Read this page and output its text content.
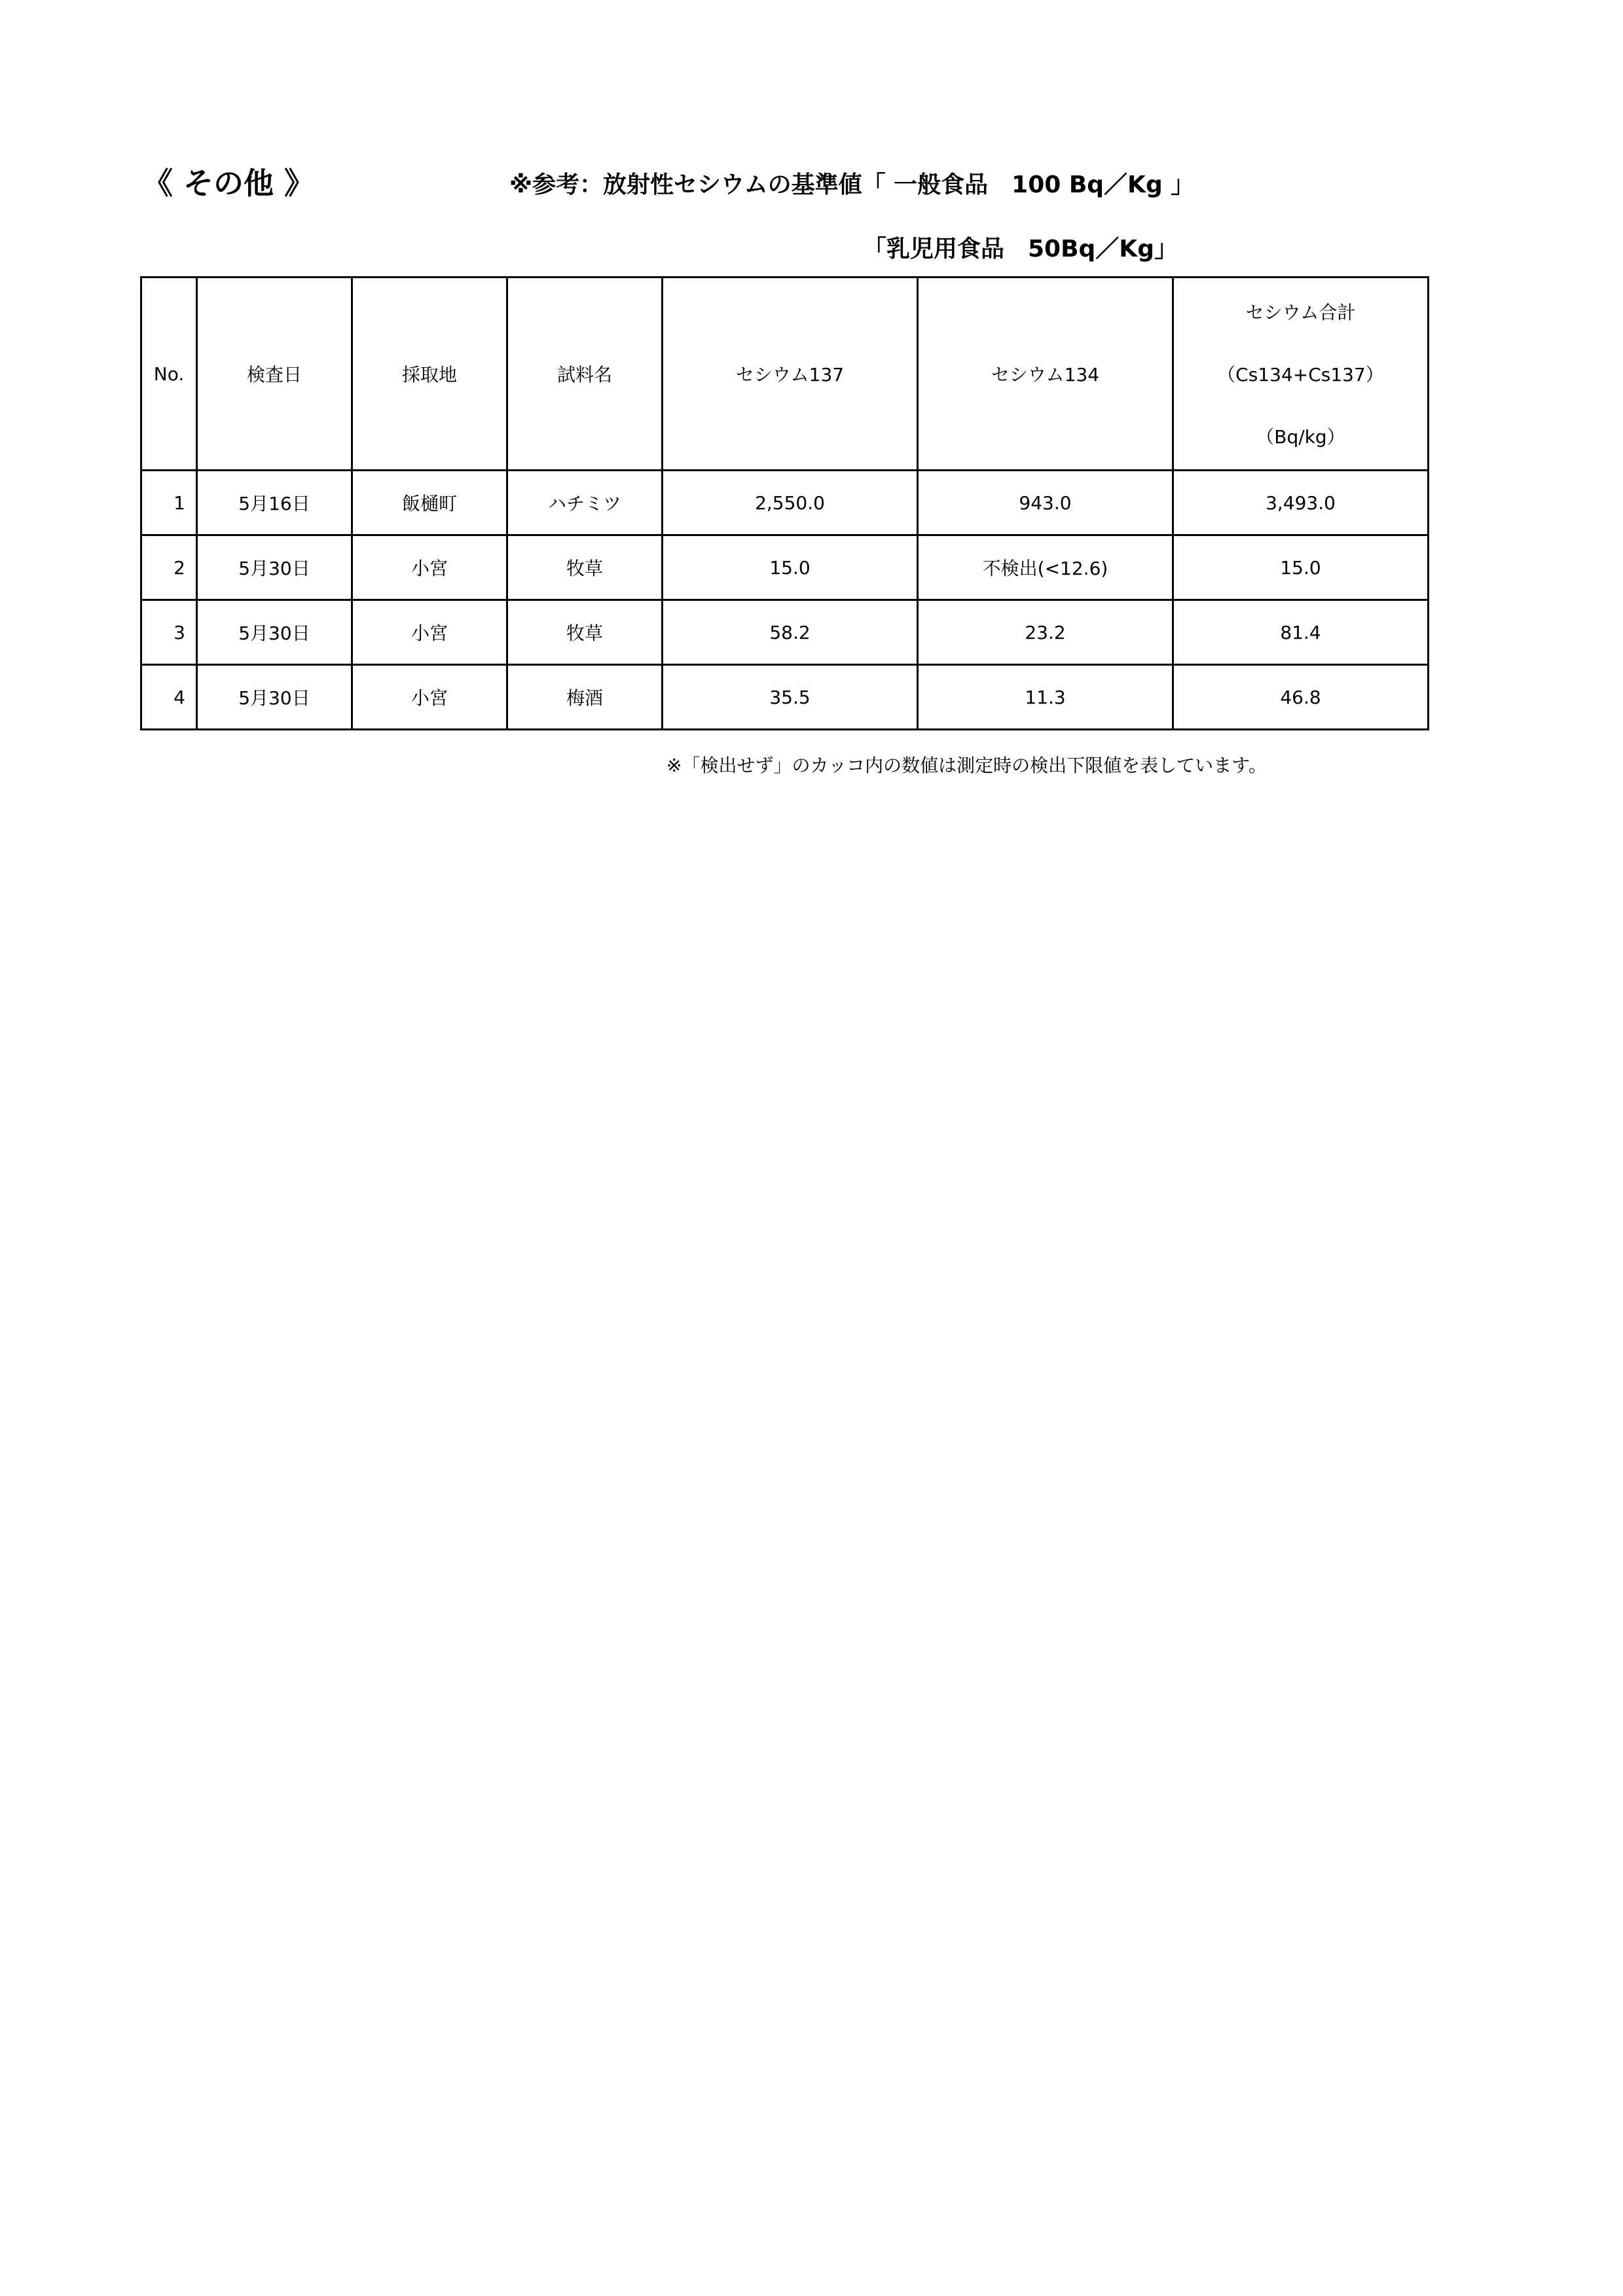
《 その他 》	※参考：放射性セシウムの基準値「 一般食品　100 Bq／Kg 」
「乳児用食品　50Bq／Kg」
No.	検査日	採取地	試料名	セシウム137	セシウム134	セシウム合計
（Cs134+Cs137）
（Bq/kg）

1	5月16日	飯樋町	ハチミツ	2,550.0	943.0	3,493.0
2	5月30日	小宮	牧草	15.0	不検出(<12.6)	15.0
3	5月30日	小宮	牧草	58.2	23.2	81.4
4	5月30日	小宮	梅酒	35.5	11.3	46.8
※「検出せず」のカッコ内の数値は測定時の検出下限値を表しています。
